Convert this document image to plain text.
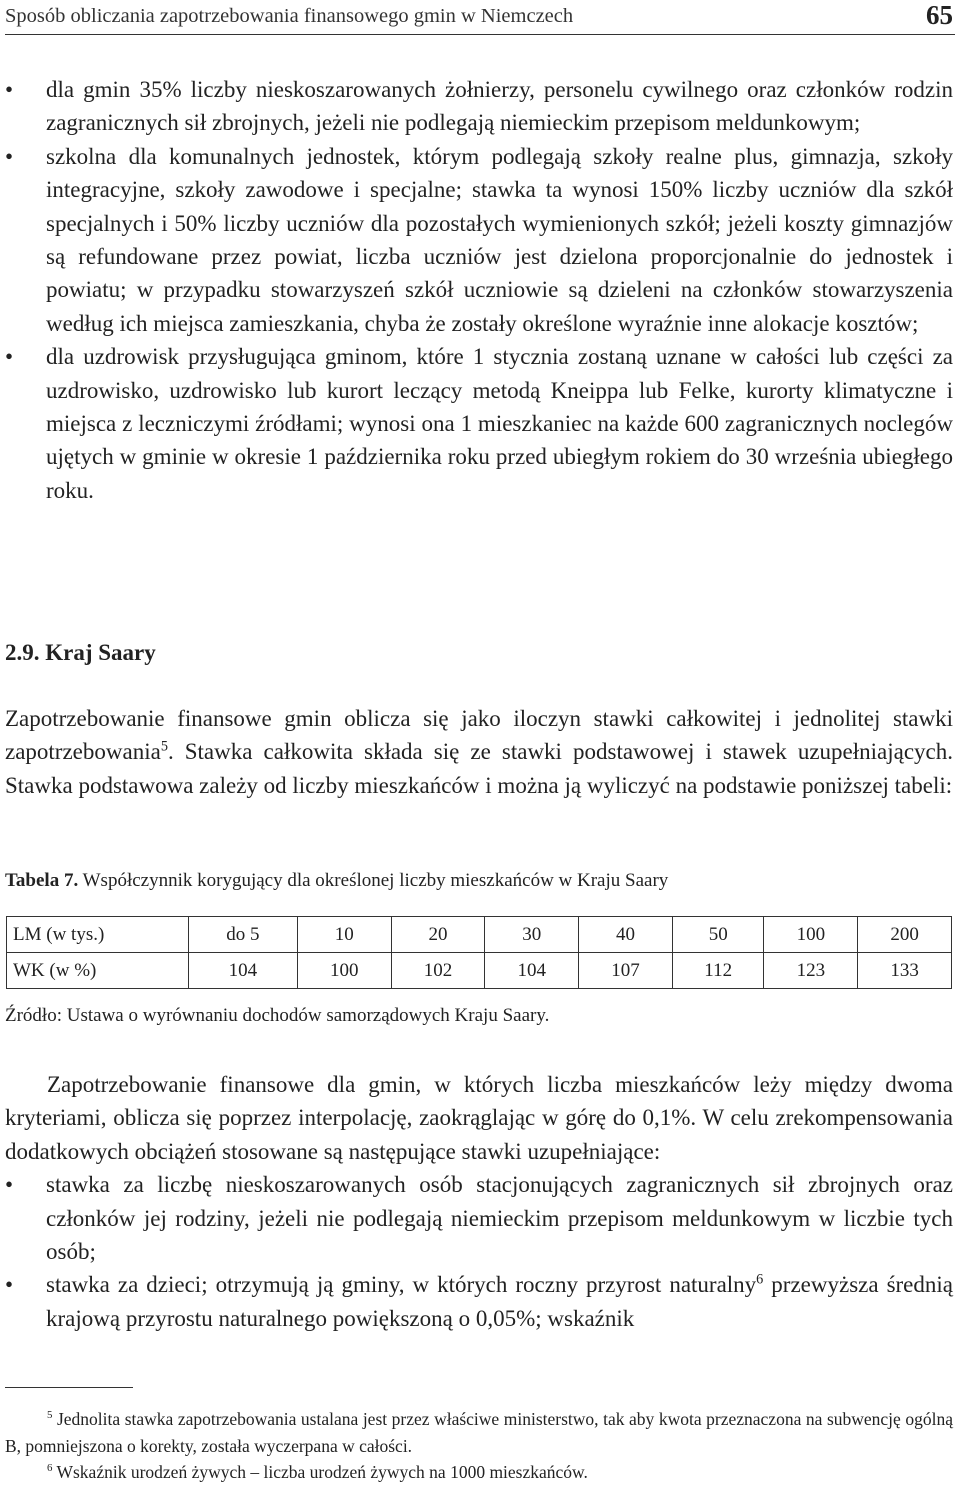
Sposób obliczania zapotrzebowania finansowego gmin w Niemczech	65
• dla gmin 35% liczby nieskoszarowanych żołnierzy, personelu cywilnego oraz członków rodzin zagranicznych sił zbrojnych, jeżeli nie podlegają niemieckim przepisom meldunkowym;
• szkolna dla komunalnych jednostek, którym podlegają szkoły realne plus, gimnazja, szkoły integracyjne, szkoły zawodowe i specjalne; stawka ta wynosi 150% liczby uczniów dla szkół specjalnych i 50% liczby uczniów dla pozostałych wymienionych szkół; jeżeli koszty gimnazjów są refundowane przez powiat, liczba uczniów jest dzielona proporcjonalnie do jednostek i powiatu; w przypadku stowarzyszeń szkół uczniowie są dzieleni na członków stowarzyszenia według ich miejsca zamieszkania, chyba że zostały określone wyraźnie inne alokacje kosztów;
• dla uzdrowisk przysługująca gminom, które 1 stycznia zostaną uznane w całości lub części za uzdrowisko, uzdrowisko lub kurort leczący metodą Kneippa lub Felke, kurorty klimatyczne i miejsca z leczniczymi źródłami; wynosi ona 1 mieszkaniec na każde 600 zagranicznych noclegów ujętych w gminie w okresie 1 października roku przed ubiegłym rokiem do 30 września ubiegłego roku.
2.9. Kraj Saary

Zapotrzebowanie finansowe gmin oblicza się jako iloczyn stawki całkowitej i jednolitej stawki zapotrzebowania$^5$. Stawka całkowita składa się ze stawki podstawowej i stawek uzupełniających. Stawka podstawowa zależy od liczby mieszkańców i można ją wyliczyć na podstawie poniższej tabeli:

Tabela 7. Współczynnik korygujący dla określonej liczby mieszkańców w Kraju Saary
LM (w tys.)	do 5	10	20	30	40	50	100	200
WK (w %)	104	100	102	104	107	112	123	133
Źródło: Ustawa o wyrównaniu dochodów samorządowych Kraju Saary.

Zapotrzebowanie finansowe dla gmin, w których liczba mieszkańców leży między dwoma kryteriami, oblicza się poprzez interpolację, zaokrąglając w górę do 0,1%. W celu zrekompensowania dodatkowych obciążeń stosowane są następujące stawki uzupełniające:

• stawka za liczbę nieskoszarowanych osób stacjonujących zagranicznych sił zbrojnych oraz członków jej rodziny, jeżeli nie podlegają niemieckim przepisom meldunkowym w liczbie tych osób;
• stawka za dzieci; otrzymują ją gminy, w których roczny przyrost naturalny$^6$ przewyższa średnią krajową przyrostu naturalnego powiększoną o 0,05%; wskaźnik

$^5$ Jednolita stawka zapotrzebowania ustalana jest przez właściwe ministerstwo, tak aby kwota przeznaczona na subwencję ogólną B, pomniejszona o korekty, została wyczerpana w całości.

$^6$ Wskaźnik urodzeń żywych – liczba urodzeń żywych na 1000 mieszkańców.
